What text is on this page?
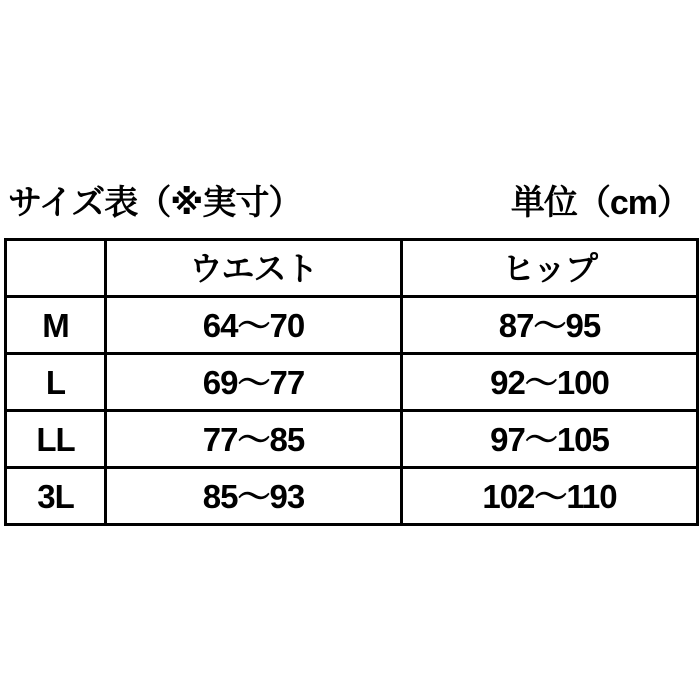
サイズ表（※実寸）	単位（cm）
	ウエスト	ヒップ
M	64〜70	87〜95
L	69〜77	92〜100
LL	77〜85	97〜105
3L	85〜93	102〜110
